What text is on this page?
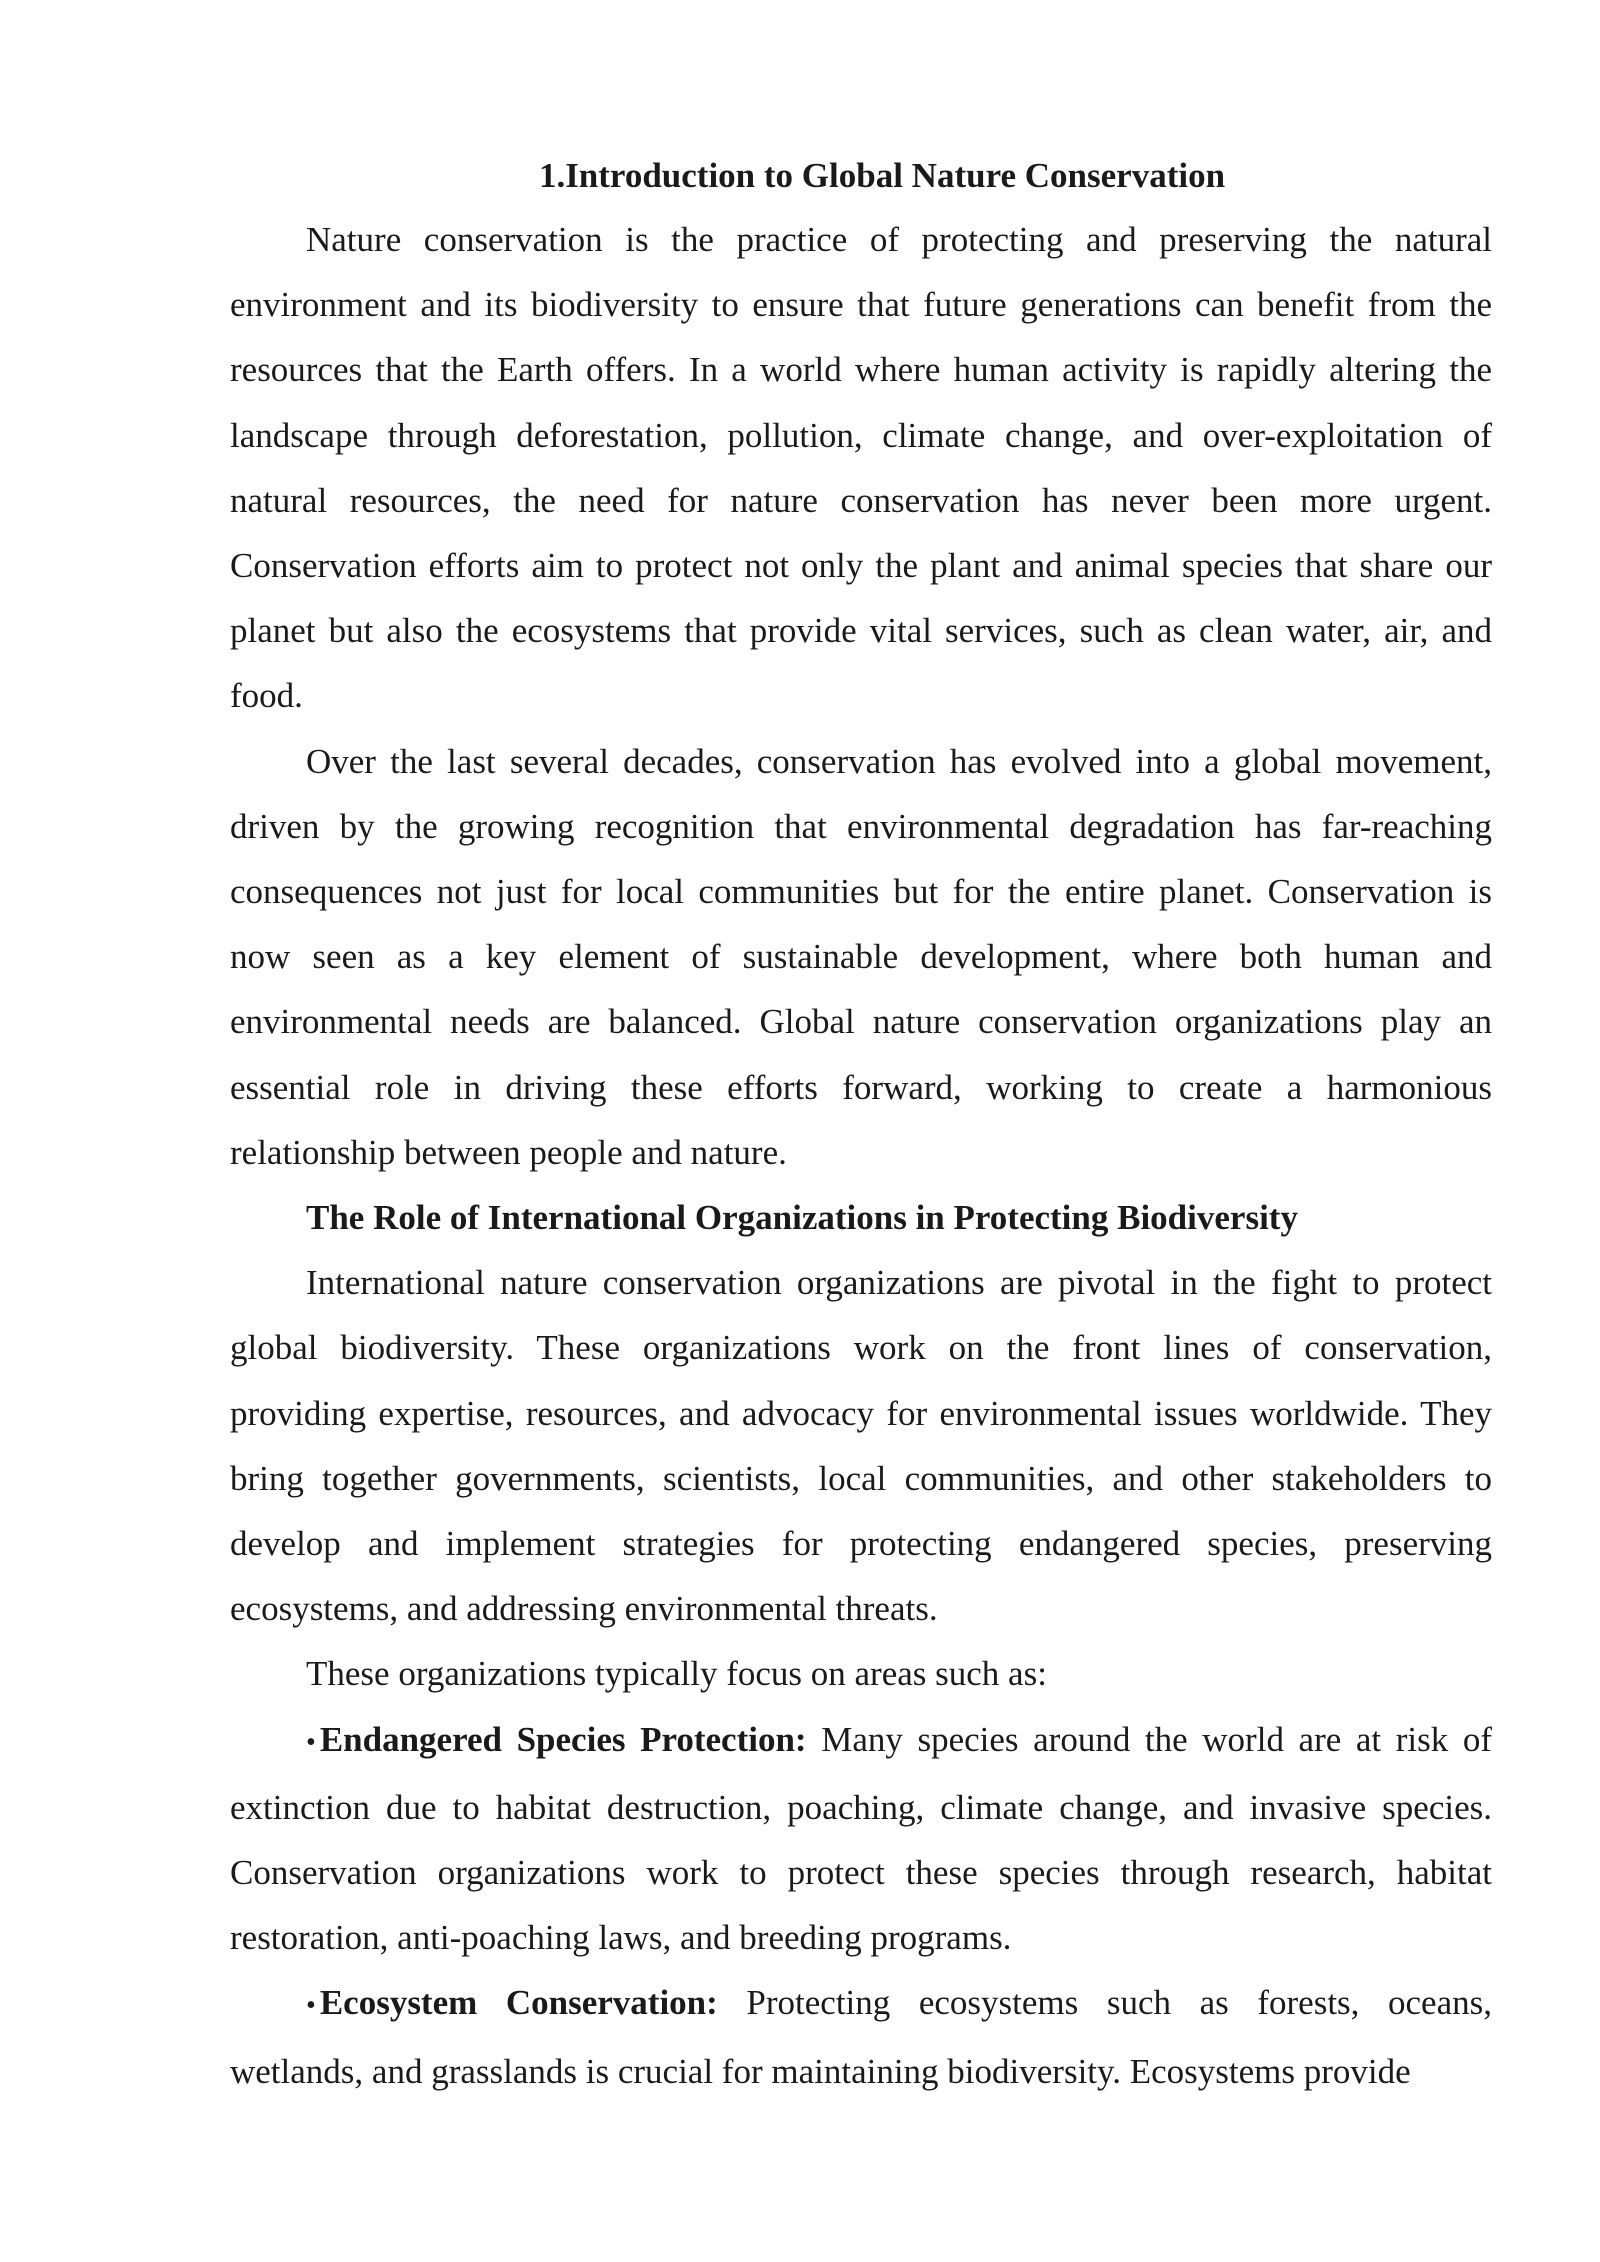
1.Introduction to Global Nature Conservation

Nature conservation is the practice of protecting and preserving the natural environment and its biodiversity to ensure that future generations can benefit from the resources that the Earth offers. In a world where human activity is rapidly altering the landscape through deforestation, pollution, climate change, and over-exploitation of natural resources, the need for nature conservation has never been more urgent. Conservation efforts aim to protect not only the plant and animal species that share our planet but also the ecosystems that provide vital services, such as clean water, air, and food.

Over the last several decades, conservation has evolved into a global movement, driven by the growing recognition that environmental degradation has far-reaching consequences not just for local communities but for the entire planet. Conservation is now seen as a key element of sustainable development, where both human and environmental needs are balanced. Global nature conservation organizations play an essential role in driving these efforts forward, working to create a harmonious relationship between people and nature.

The Role of International Organizations in Protecting Biodiversity

International nature conservation organizations are pivotal in the fight to protect global biodiversity. These organizations work on the front lines of conservation, providing expertise, resources, and advocacy for environmental issues worldwide. They bring together governments, scientists, local communities, and other stakeholders to develop and implement strategies for protecting endangered species, preserving ecosystems, and addressing environmental threats.

These organizations typically focus on areas such as:

• Endangered Species Protection: Many species around the world are at risk of extinction due to habitat destruction, poaching, climate change, and invasive species. Conservation organizations work to protect these species through research, habitat restoration, anti-poaching laws, and breeding programs.

• Ecosystem Conservation: Protecting ecosystems such as forests, oceans, wetlands, and grasslands is crucial for maintaining biodiversity. Ecosystems provide
